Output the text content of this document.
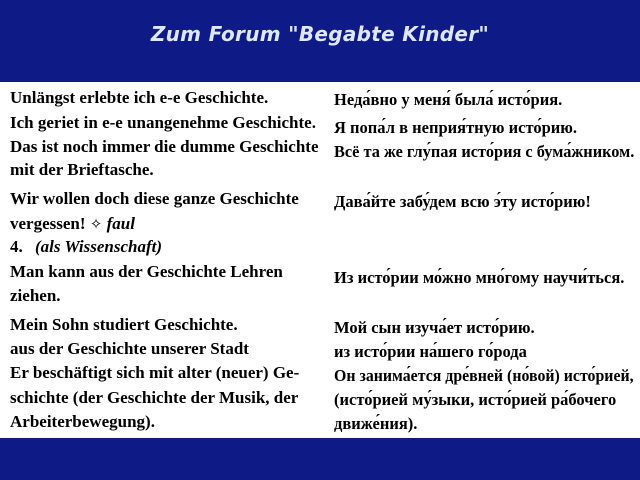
Zum Forum "Begabte Kinder"
Unlängst erlebte ich e-e Geschichte.
Ich geriet in e-e unangenehme Geschichte.
Das ist noch immer die dumme Geschichte
mit der Brieftasche.
Wir wollen doch diese ganze Geschichte
vergessen! ✧ faul
4. (als Wissenschaft)
Man kann aus der Geschichte Lehren
ziehen.
Mein Sohn studiert Geschichte.
aus der Geschichte unserer Stadt
Er beschäftigt sich mit alter (neuer) Ge-
schichte (der Geschichte der Musik, der
Arbeiterbewegung).
Неда́вно у меня́ была́ исто́рия.
Я попа́л в неприя́тную исто́рию.
Всё та же глу́пая исто́рия с бума́жником.
Дава́йте забу́дем всю э́ту исто́рию!
Из исто́рии мо́жно мно́гому научи́ться.
Мой сын изуча́ет исто́рию.
из исто́рии на́шего го́рода
Он занима́ется дре́вней (но́вой) исто́рией,
(исто́рией му́зыки, исто́рией ра́бочего
движе́ния).
